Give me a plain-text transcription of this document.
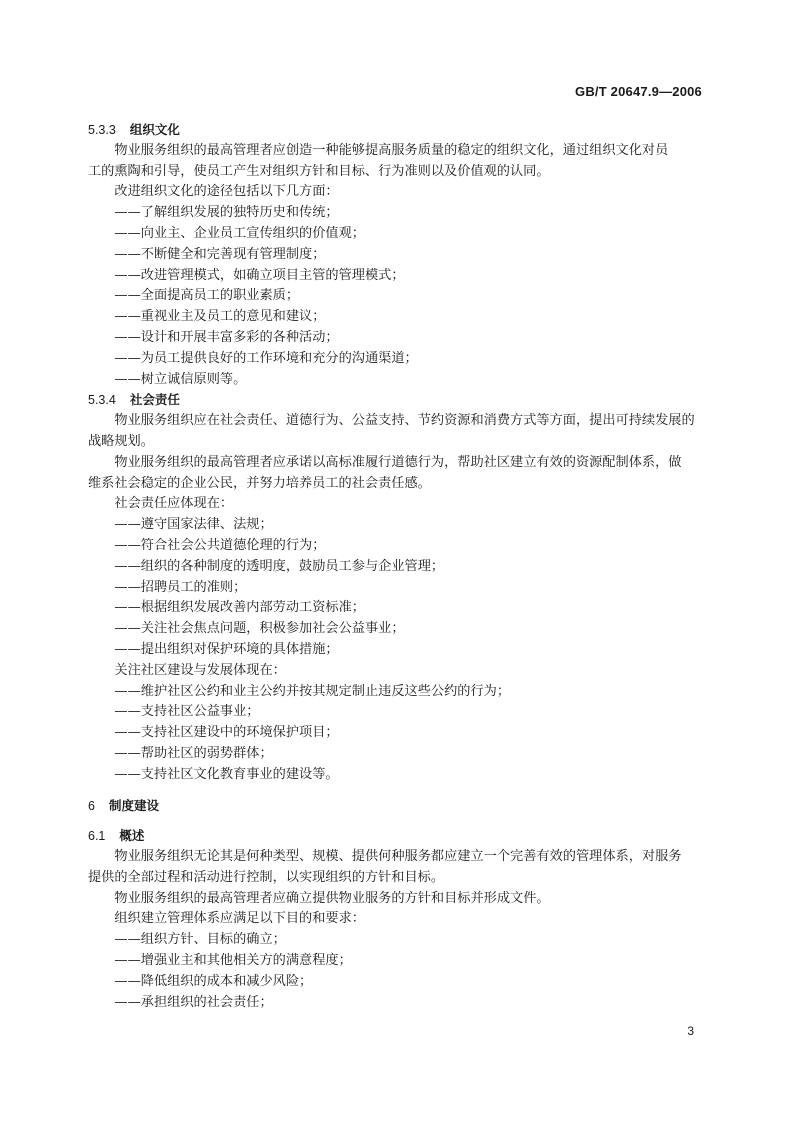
GB/T 20647.9—2006
5.3.3 组织文化
物业服务组织的最高管理者应创造一种能够提高服务质量的稳定的组织文化，通过组织文化对员
工的熏陶和引导，使员工产生对组织方针和目标、行为准则以及价值观的认同。
改进组织文化的途径包括以下几方面：
——了解组织发展的独特历史和传统；
——向业主、企业员工宣传组织的价值观；
——不断健全和完善现有管理制度；
——改进管理模式，如确立项目主管的管理模式；
——全面提高员工的职业素质；
——重视业主及员工的意见和建议；
——设计和开展丰富多彩的各种活动；
——为员工提供良好的工作环境和充分的沟通渠道；
——树立诚信原则等。
5.3.4 社会责任
物业服务组织应在社会责任、道德行为、公益支持、节约资源和消费方式等方面，提出可持续发展的
战略规划。
物业服务组织的最高管理者应承诺以高标准履行道德行为，帮助社区建立有效的资源配制体系，做
维系社会稳定的企业公民，并努力培养员工的社会责任感。
社会责任应体现在：
——遵守国家法律、法规；
——符合社会公共道德伦理的行为；
——组织的各种制度的透明度，鼓励员工参与企业管理；
——招聘员工的准则；
——根据组织发展改善内部劳动工资标准；
——关注社会焦点问题，积极参加社会公益事业；
——提出组织对保护环境的具体措施；
关注社区建设与发展体现在：
——维护社区公约和业主公约并按其规定制止违反这些公约的行为；
——支持社区公益事业；
——支持社区建设中的环境保护项目；
——帮助社区的弱势群体；
——支持社区文化教育事业的建设等。
6 制度建设
6.1 概述
物业服务组织无论其是何种类型、规模、提供何种服务都应建立一个完善有效的管理体系，对服务
提供的全部过程和活动进行控制，以实现组织的方针和目标。
物业服务组织的最高管理者应确立提供物业服务的方针和目标并形成文件。
组织建立管理体系应满足以下目的和要求：
——组织方针、目标的确立；
——增强业主和其他相关方的满意程度；
——降低组织的成本和减少风险；
——承担组织的社会责任；
3
